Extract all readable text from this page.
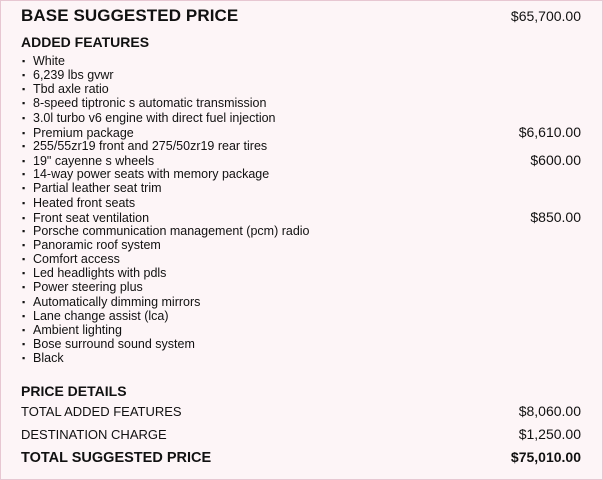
BASE SUGGESTED PRICE	$65,700.00
ADDED FEATURES
▪ White
▪ 6,239 lbs gvwr
▪ Tbd axle ratio
▪ 8-speed tiptronic s automatic transmission
▪ 3.0l turbo v6 engine with direct fuel injection
▪ Premium package	$6,610.00
▪ 255/55zr19 front and 275/50zr19 rear tires
▪ 19" cayenne s wheels	$600.00
▪ 14-way power seats with memory package
▪ Partial leather seat trim
▪ Heated front seats
▪ Front seat ventilation	$850.00
▪ Porsche communication management (pcm) radio
▪ Panoramic roof system
▪ Comfort access
▪ Led headlights with pdls
▪ Power steering plus
▪ Automatically dimming mirrors
▪ Lane change assist (lca)
▪ Ambient lighting
▪ Bose surround sound system
▪ Black
PRICE DETAILS
TOTAL ADDED FEATURES	$8,060.00
DESTINATION CHARGE	$1,250.00
TOTAL SUGGESTED PRICE	$75,010.00
